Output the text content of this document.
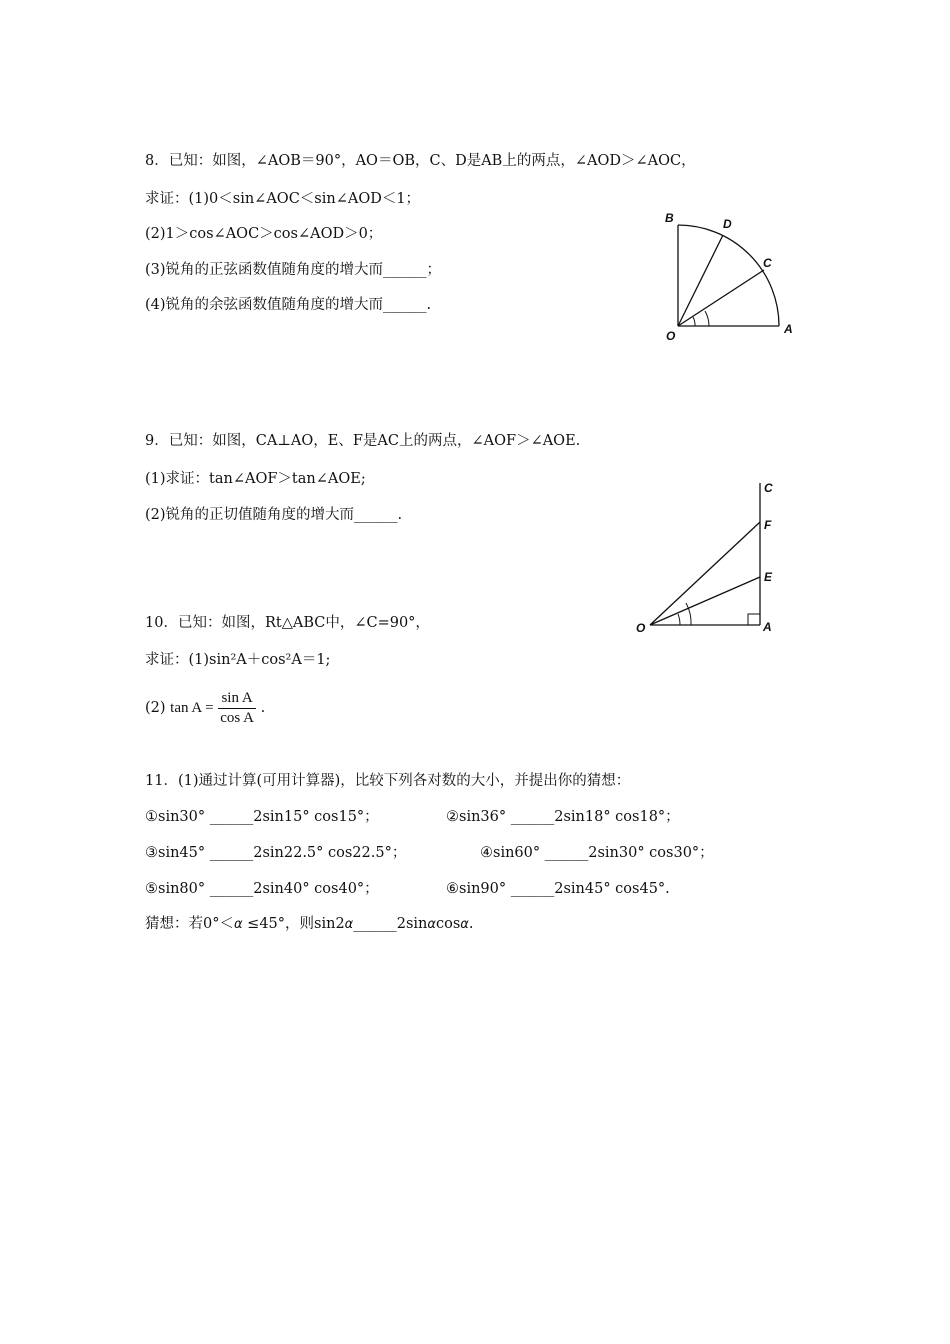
8．已知：如图，∠AOB＝90°，AO＝OB，C、D是AB上的两点，∠AOD＞∠AOC，
求证：(1)0＜sin∠AOC＜sin∠AOD＜1；
(2)1＞cos∠AOC＞cos∠AOD＞0；
(3)锐角的正弦函数值随角度的增大而______；
(4)锐角的余弦函数值随角度的增大而______.
B	D
C
O	A
9．已知：如图，CA⊥AO，E、F是AC上的两点，∠AOF＞∠AOE.
(1)求证：tan∠AOF＞tan∠AOE;
(2)锐角的正切值随角度的增大而______.
C
F
E
O	A
10．已知：如图，Rt△ABC中，∠C=90°，
求证：(1)sin²A＋cos²A＝1;
(2) $\tan A = \frac{\text{sin A}}{\text{cos A}}$ .
11．(1)通过计算(可用计算器)，比较下列各对数的大小，并提出你的猜想：
①sin30° ______2sin15° cos15°；	②sin36° ______2sin18° cos18°；
③sin45° ______2sin22.5° cos22.5°；	④sin60° ______2sin30° cos30°；
⑤sin80° ______2sin40° cos40°；	⑥sin90° ______2sin45° cos45°.
猜想：若0°＜α ≤45°，则sin2α______2sinαcosα.
